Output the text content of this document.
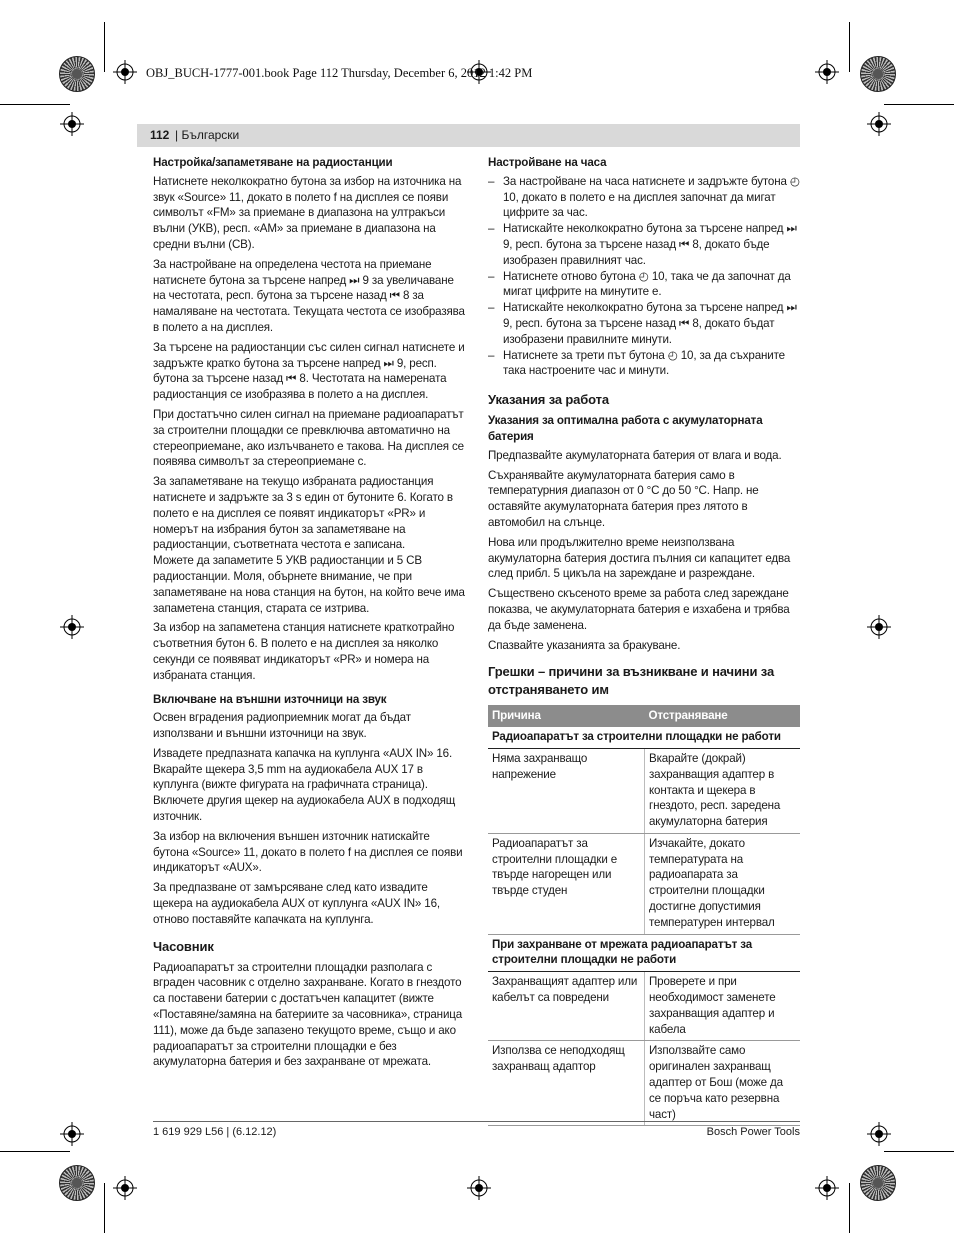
OBJ_BUCH-1777-001.book Page 112 Thursday, December 6, 2012 1:42 PM
112 | Български
Настройка/запаметяване на радиостанции

Натиснете неколкократно бутона за избор на източника на звук «Source» 11, докато в полето f на дисплея се появи символът «FM» за приемане в диапазона на ултракъси вълни (УКВ), респ. «AM» за приемане в диапазона на средни вълни (СВ).

За настройване на определена честота на приемане натиснете бутона за търсене напред ⏭ 9 за увеличаване на честотата, респ. бутона за търсене назад ⏮ 8 за намаляване на честотата. Текущата честота се изобразява в полето a на дисплея.

За търсене на радиостанции със силен сигнал натиснете и задръжте кратко бутона за търсене напред ⏭ 9, респ. бутона за търсене назад ⏮ 8. Честотата на намерената радиостанция се изобразява в полето a на дисплея.

При достатъчно силен сигнал на приемане радиоапаратът за строителни площадки се превключва автоматично на стереоприемане, ако излъчването е такова. На дисплея се появява символът за стереоприемане c.

За запаметяване на текущо избраната радиостанция натиснете и задръжте за 3 s един от бутоните 6. Когато в полето e на дисплея се появят индикаторът «PR» и номерът на избрания бутон за запаметяване на радиостанции, съответната честота е записана.

Можете да запаметите 5 УКВ радиостанции и 5 СВ радиостанции. Моля, обърнете внимание, че при запаметяване на нова станция на бутон, на който вече има запаметена станция, старата се изтрива.

За избор на запаметена станция натиснете краткотрайно съответния бутон 6. В полето e на дисплея за няколко секунди се появяват индикаторът «PR» и номера на избраната станция.

Включване на външни източници на звук

Освен вградения радиоприемник могат да бъдат използвани и външни източници на звук.

Извадете предпазната капачка на куплунга «AUX IN» 16. Вкарайте щекера 3,5 mm на аудиокабела AUX 17 в куплунга (вижте фигурата на графичната страница). Включете другия щекер на аудиокабела AUX в подходящ източник.

За избор на включения външен източник натискайте бутона «Source» 11, докато в полето f на дисплея се появи индикаторът «AUX».

За предпазване от замърсяване след като извадите щекера на аудиокабела AUX от куплунга «AUX IN» 16, отново поставяйте капачката на куплунга.

Часовник

Радиоапаратът за строителни площадки разполага с вграден часовник с отделно захранване. Когато в гнездото са поставени батерии с достатъчен капацитет (вижте «Поставяне/замяна на батериите за часовника», страница 111), може да бъде запазено текущото време, също и ако радиоапаратът за строителни площадки е без акумулаторна батерия и без захранване от мрежата.

Настройване на часа
– За настройване на часа натиснете и задръжте бутона ◴ 10, докато в полето e на дисплея започнат да мигат цифрите за час.
– Натискайте неколкократно бутона за търсене напред ⏭ 9, респ. бутона за търсене назад ⏮ 8, докато бъде изобразен правилният час.
– Натиснете отново бутона ◴ 10, така че да започнат да мигат цифрите на минутите e.
– Натискайте неколкократно бутона за търсене напред ⏭ 9, респ. бутона за търсене назад ⏮ 8, докато бъдат изобразени правилните минути.
– Натиснете за трети път бутона ◴ 10, за да съхраните така настроените час и минути.
Указания за работа
Указания за оптимална работа с акумулаторната батерия

Предпазвайте акумулаторната батерия от влага и вода.

Съхранявайте акумулаторната батерия само в температурния диапазон от 0 °C до 50 °C. Напр. не оставяйте акумулаторната батерия през лятото в автомобил на слънце.

Нова или продължително време неизползвана акумулаторна батерия достига пълния си капацитет едва след прибл. 5 цикъла на зареждане и разреждане.

Съществено скъсеното време за работа след зареждане показва, че акумулаторната батерия е изхабена и трябва да бъде заменена.

Спазвайте указанията за бракуване.

Грешки – причини за възникване и начини за отстраняването им
Причина	Отстраняване
Радиоапаратът за строителни площадки не работи	
Няма захранващо напрежение	Вкарайте (докрай) захранващия адаптер в контакта и щекера в гнездото, респ. заредена акумулаторна батерия
Радиоапаратът за строителни площадки е твърде нагорещен или твърде студен	Изчакайте, докато температурата на радиоапарата за строителни площадки достигне допустимия температурен интервал
При захранване от мрежата радиоапаратът за строителни площадки не работи	
Захранващият адаптер или кабелът са повредени	Проверете и при необходимост заменете захранващия адаптер и кабела
Използва се неподходящ захранващ адаптор	Използвайте само оригинален захранващ адаптер от Бош (може да се поръча като резервна част)
1 619 929 L56 | (6.12.12)	Bosch Power Tools
